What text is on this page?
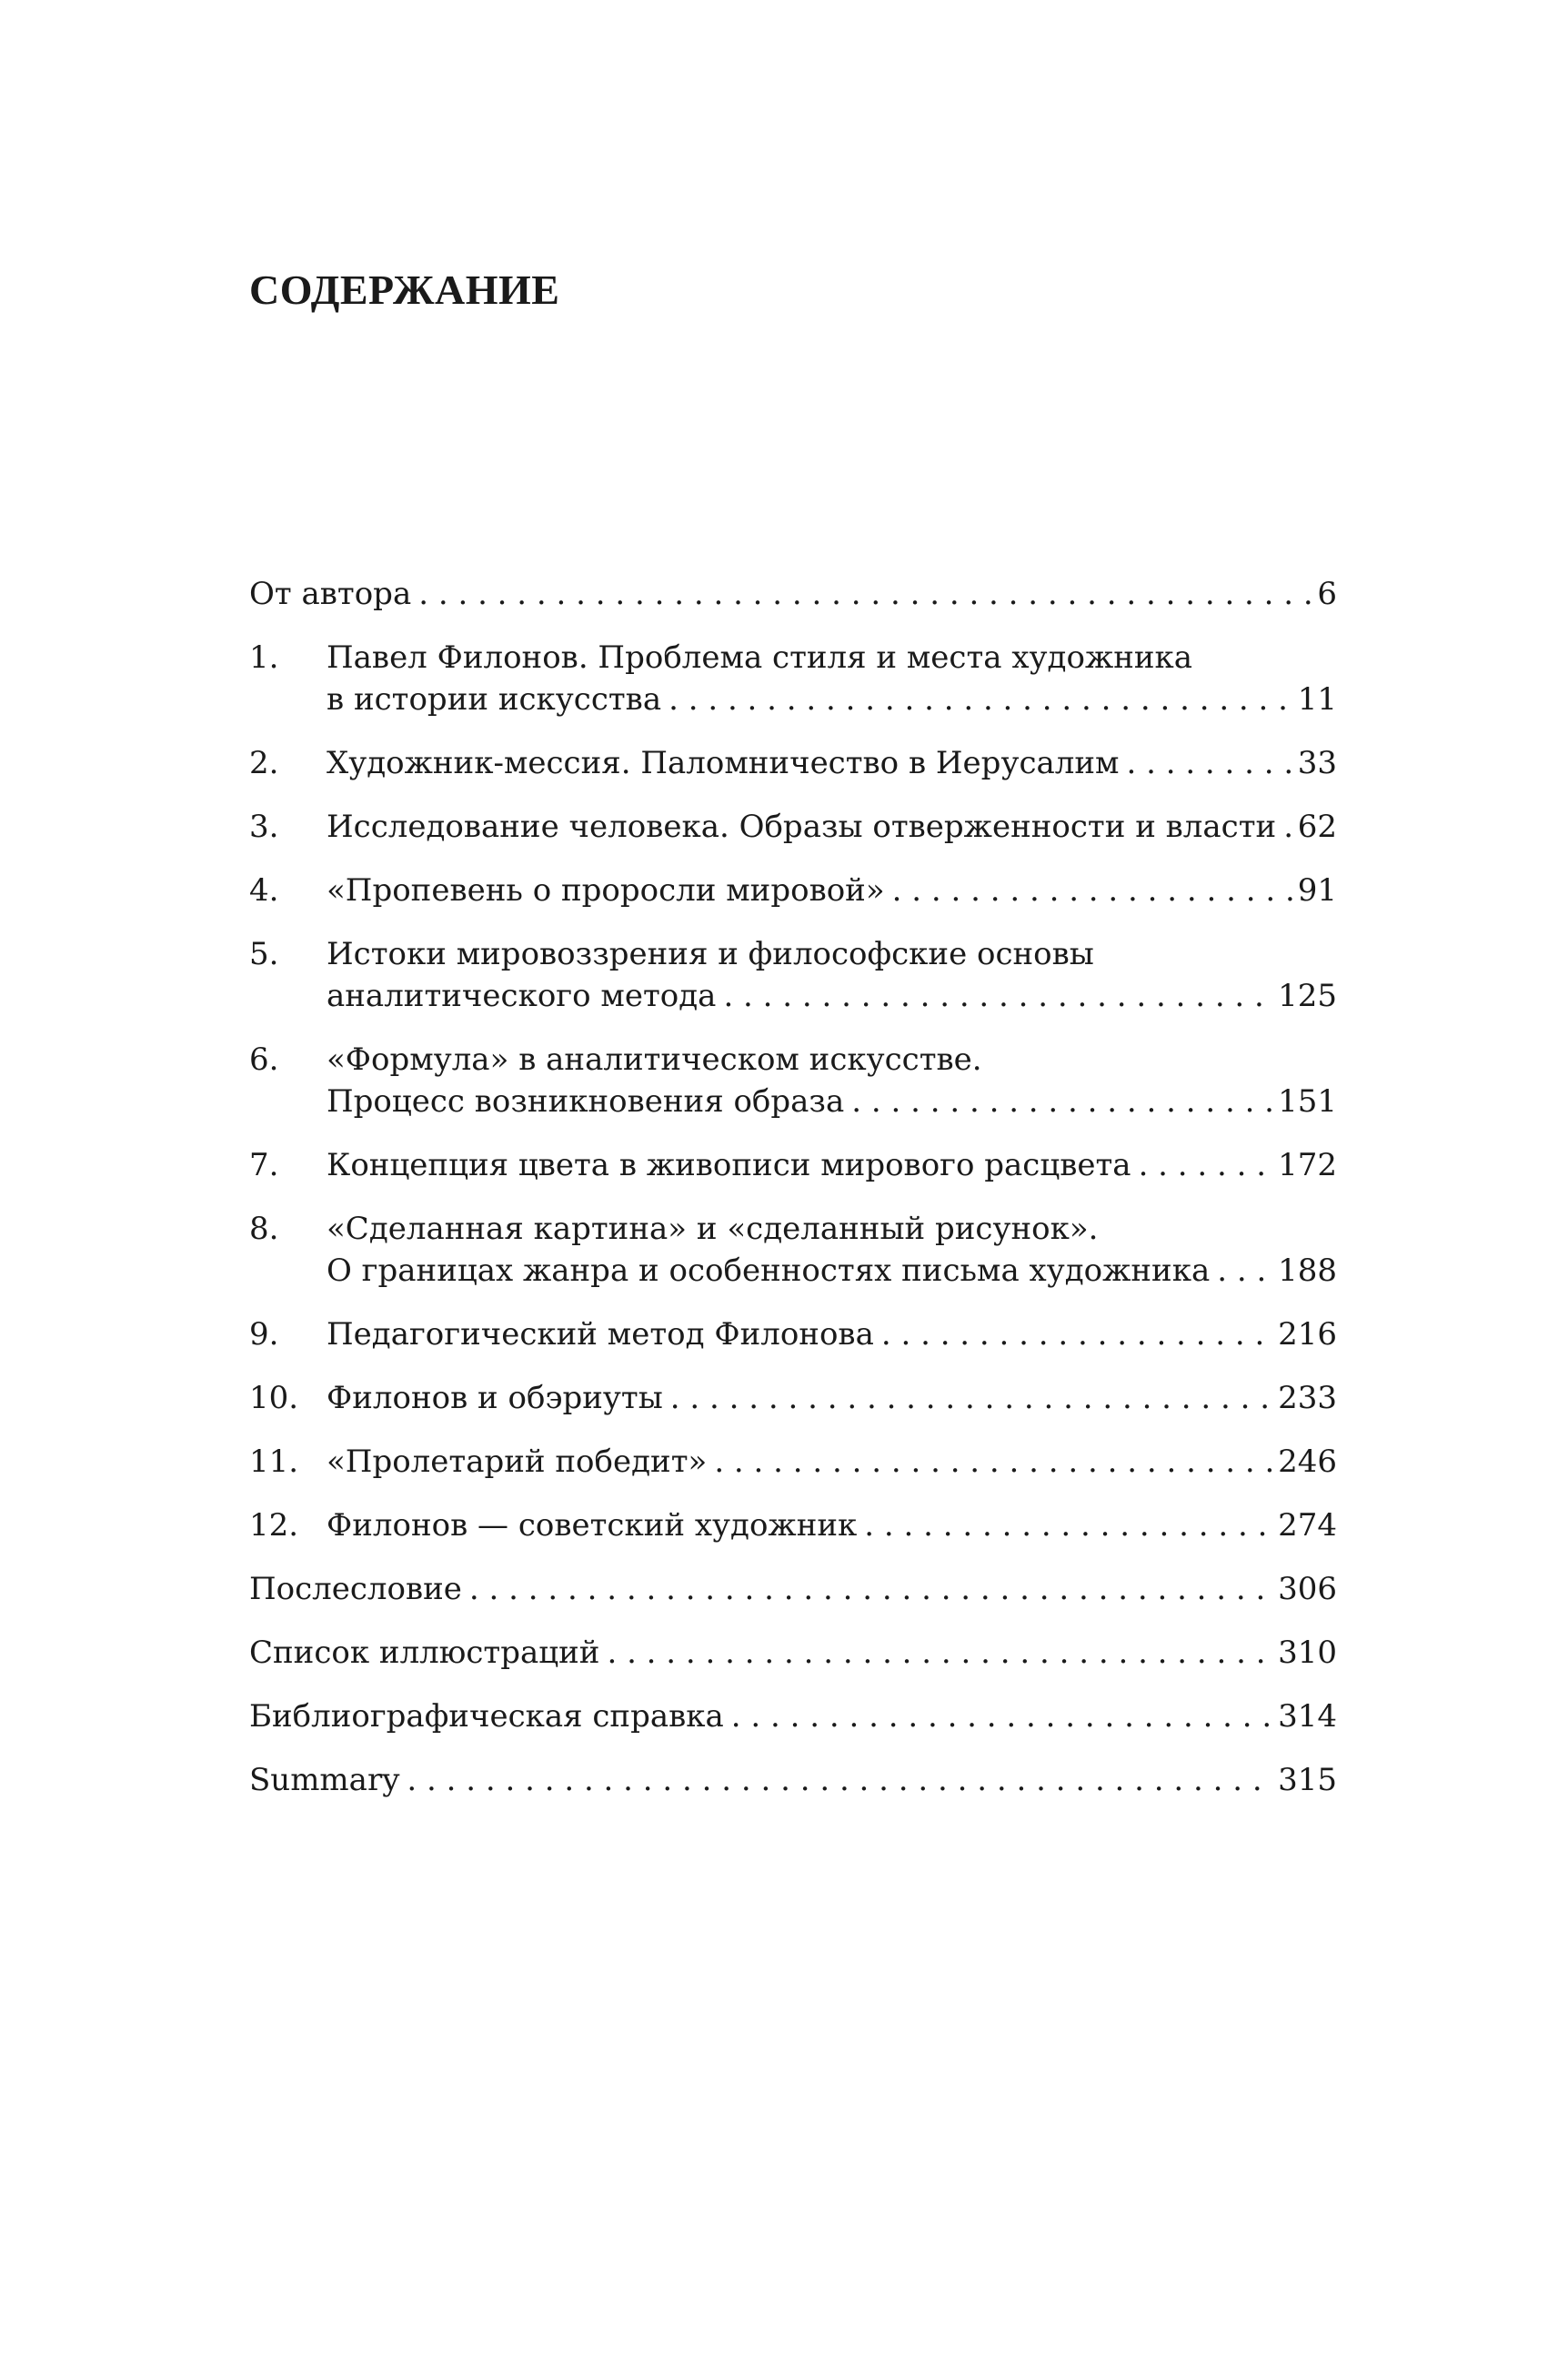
СОДЕРЖАНИЕ
От автора . . .	6
1. Павел Филонов. Проблема стиля и места художника
в истории искусства . . .	11
2. Художник-мессия. Паломничество в Иерусалим . . .	33
3. Исследование человека. Образы отверженности и власти . . . 62
4. «Пропевень о проросли мировой» . . .	91
5. Истоки мировоззрения и философские основы
аналитического метода . . .	125
6. «Формула» в аналитическом искусстве.
Процесс возникновения образа . . .	151
7. Концепция цвета в живописи мирового расцвета . . .	172
8. «Сделанная картина» и «сделанный рисунок».
О границах жанра и особенностях письма художника . . . 188
9. Педагогический метод Филонова . . .	216
10. Филонов и обэриуты . . .	233
11. «Пролетарий победит» . . .	246
12. Филонов — советский художник . . .	274
Послесловие . . .	306
Список иллюстраций . . .	310
Библиографическая справка . . .	314
Summary . . .	315
